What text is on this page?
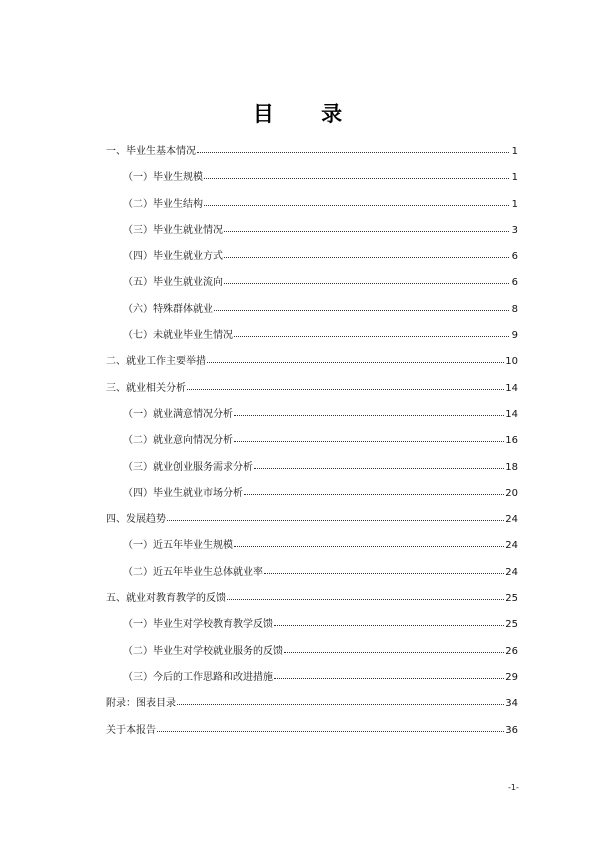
目 录
一、毕业生基本情况	1
（一）毕业生规模	1
（二）毕业生结构	1
（三）毕业生就业情况	3
（四）毕业生就业方式	6
（五）毕业生就业流向	6
（六）特殊群体就业	8
（七）未就业毕业生情况	9
二、就业工作主要举措	10
三、就业相关分析	14
（一）就业满意情况分析	14
（二）就业意向情况分析	16
（三）就业创业服务需求分析	18
（四）毕业生就业市场分析	20
四、发展趋势	24
（一）近五年毕业生规模	24
（二）近五年毕业生总体就业率	24
五、就业对教育教学的反馈	25
（一）毕业生对学校教育教学反馈	25
（二）毕业生对学校就业服务的反馈	26
（三）今后的工作思路和改进措施	29
附录：图表目录	34
关于本报告	36
-1-
